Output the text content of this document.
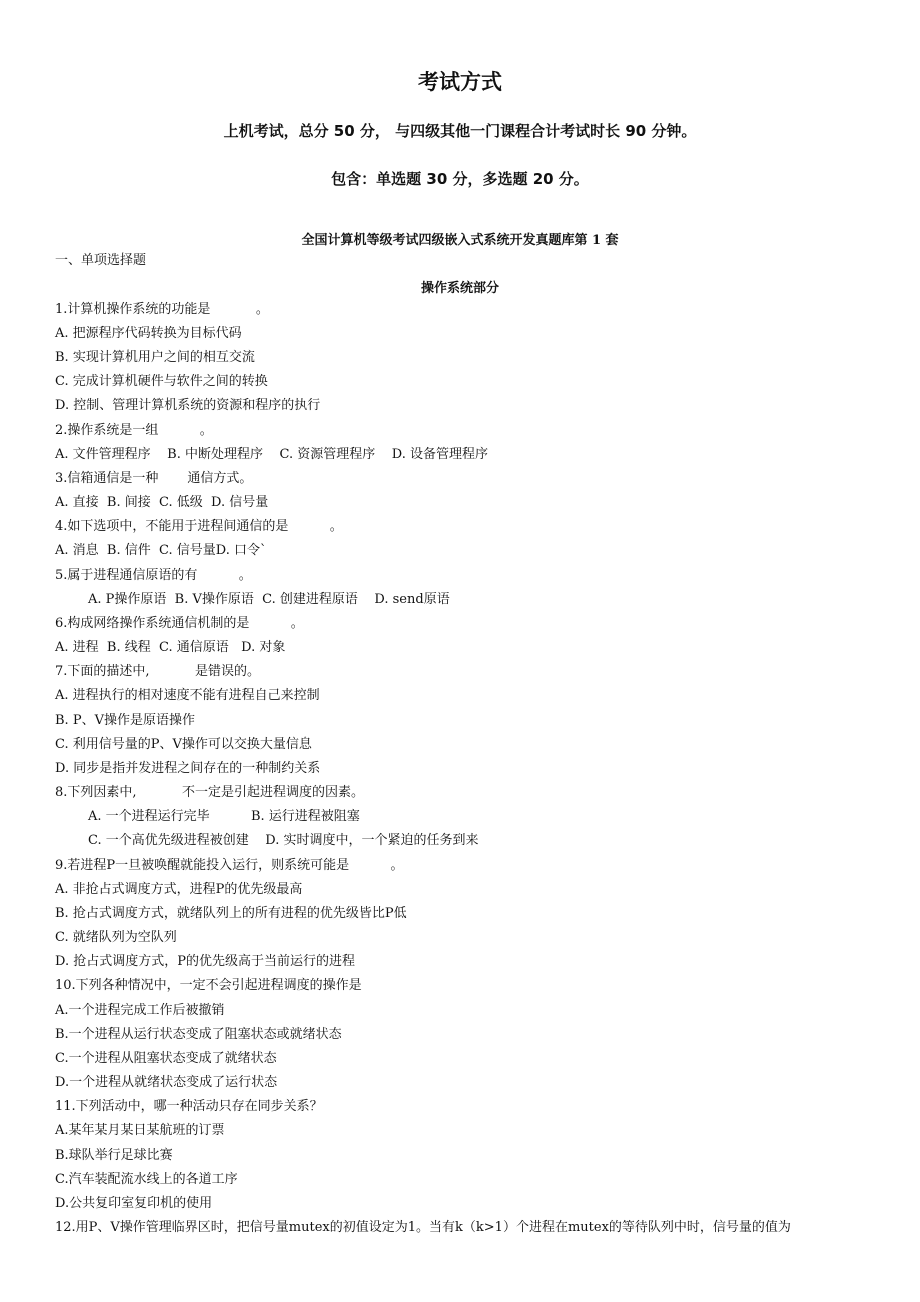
考试方式
上机考试，总分 50 分， 与四级其他一门课程合计考试时长 90 分钟。
包含：单选题 30 分，多选题 20 分。
全国计算机等级考试四级嵌入式系统开发真题库第 1 套
一、单项选择题
操作系统部分
1.计算机操作系统的功能是           。
A. 把源程序代码转换为目标代码
B. 实现计算机用户之间的相互交流
C. 完成计算机硬件与软件之间的转换
D. 控制、管理计算机系统的资源和程序的执行
2.操作系统是一组          。
A. 文件管理程序    B. 中断处理程序    C. 资源管理程序    D. 设备管理程序
3.信箱通信是一种       通信方式。
A. 直接  B. 间接  C. 低级  D. 信号量
4.如下选项中，不能用于进程间通信的是          。
A. 消息  B. 信件  C. 信号量D. 口令`
5.属于进程通信原语的有          。
A. P操作原语  B. V操作原语  C. 创建进程原语    D. send原语
6.构成网络操作系统通信机制的是          。
A. 进程  B. 线程  C. 通信原语   D. 对象
7.下面的描述中,           是错误的。
A. 进程执行的相对速度不能有进程自己来控制
B. P、V操作是原语操作
C. 利用信号量的P、V操作可以交换大量信息
D. 同步是指并发进程之间存在的一种制约关系
8.下列因素中,           不一定是引起进程调度的因素。
A. 一个进程运行完毕          B. 运行进程被阻塞
C. 一个高优先级进程被创建    D. 实时调度中，一个紧迫的任务到来
9.若进程P一旦被唤醒就能投入运行，则系统可能是          。
A. 非抢占式调度方式，进程P的优先级最高
B. 抢占式调度方式，就绪队列上的所有进程的优先级皆比P低
C. 就绪队列为空队列
D. 抢占式调度方式，P的优先级高于当前运行的进程
10.下列各种情况中，一定不会引起进程调度的操作是
A.一个进程完成工作后被撤销
B.一个进程从运行状态变成了阻塞状态或就绪状态
C.一个进程从阻塞状态变成了就绪状态
D.一个进程从就绪状态变成了运行状态
11.下列活动中，哪一种活动只存在同步关系？
A.某年某月某日某航班的订票
B.球队举行足球比赛
C.汽车装配流水线上的各道工序
D.公共复印室复印机的使用
12.用P、V操作管理临界区时，把信号量mutex的初值设定为1。当有k（k>1）个进程在mutex的等待队列中时，信号量的值为
